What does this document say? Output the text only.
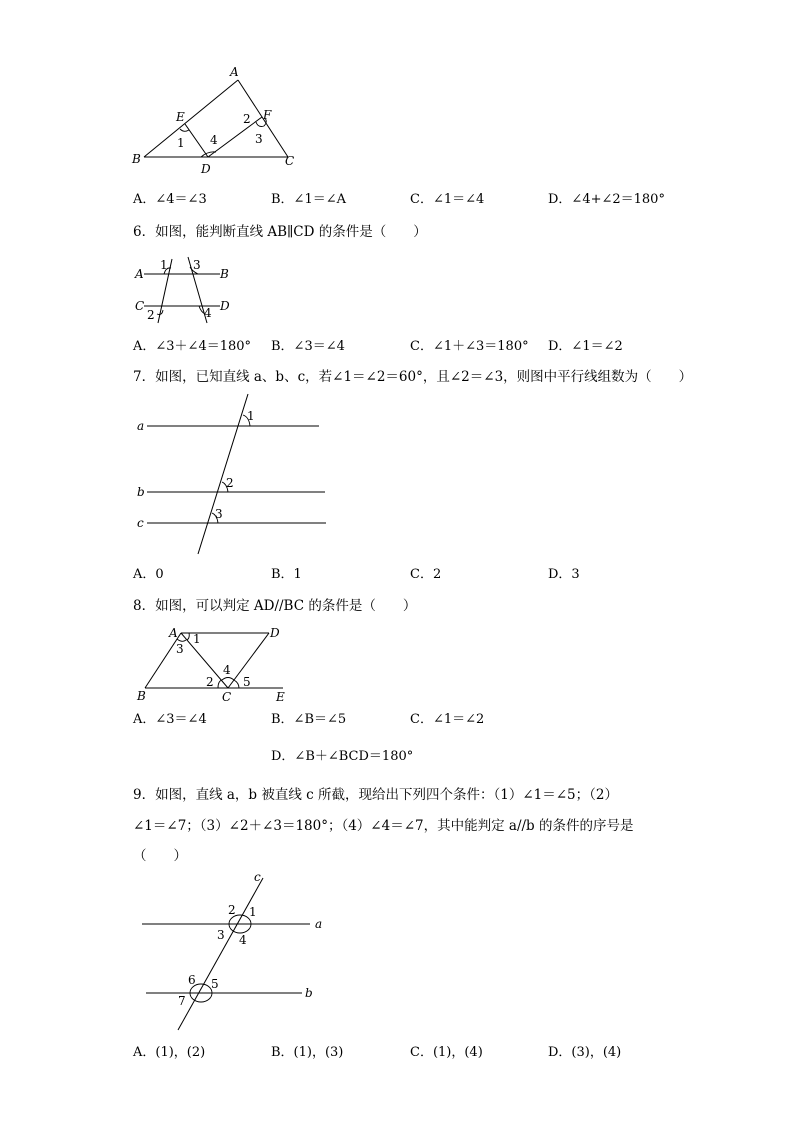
A
B	C
D
E	F
1
2
3
4
A．∠4＝∠3	B．∠1＝∠A	C．∠1＝∠4	D．∠4+∠2＝180°
6．如图，能判断直线 AB∥CD 的条件是（　　）
A	B
C	D
1 3
2	4
A．∠3＋∠4＝180° B．∠3＝∠4	C．∠1＋∠3＝180° D．∠1＝∠2
7．如图，已知直线 a、b、c，若∠1＝∠2＝60°，且∠2＝∠3，则图中平行线组数为（　　）
a
b
c
1
2
3
A．0	B．1	C．2	D．3
8．如图，可以判定 AD//BC 的条件是（　　）
A
B	C
D
E
1
3
4
2 5
A．∠3＝∠4	B．∠B＝∠5	C．∠1＝∠2
D．∠B＋∠BCD＝180°
9．如图，直线 a，b 被直线 c 所截，现给出下列四个条件：（1）∠1＝∠5；（2）
∠1＝∠7；（3）∠2＋∠3＝180°；（4）∠4＝∠7，其中能判定 a//b 的条件的序号是
（　　）
a
b
c
1
2
3 4
5
6
7
A．(1)，(2)	B．(1)，(3)	C．(1)，(4)	D．(3)，(4)
